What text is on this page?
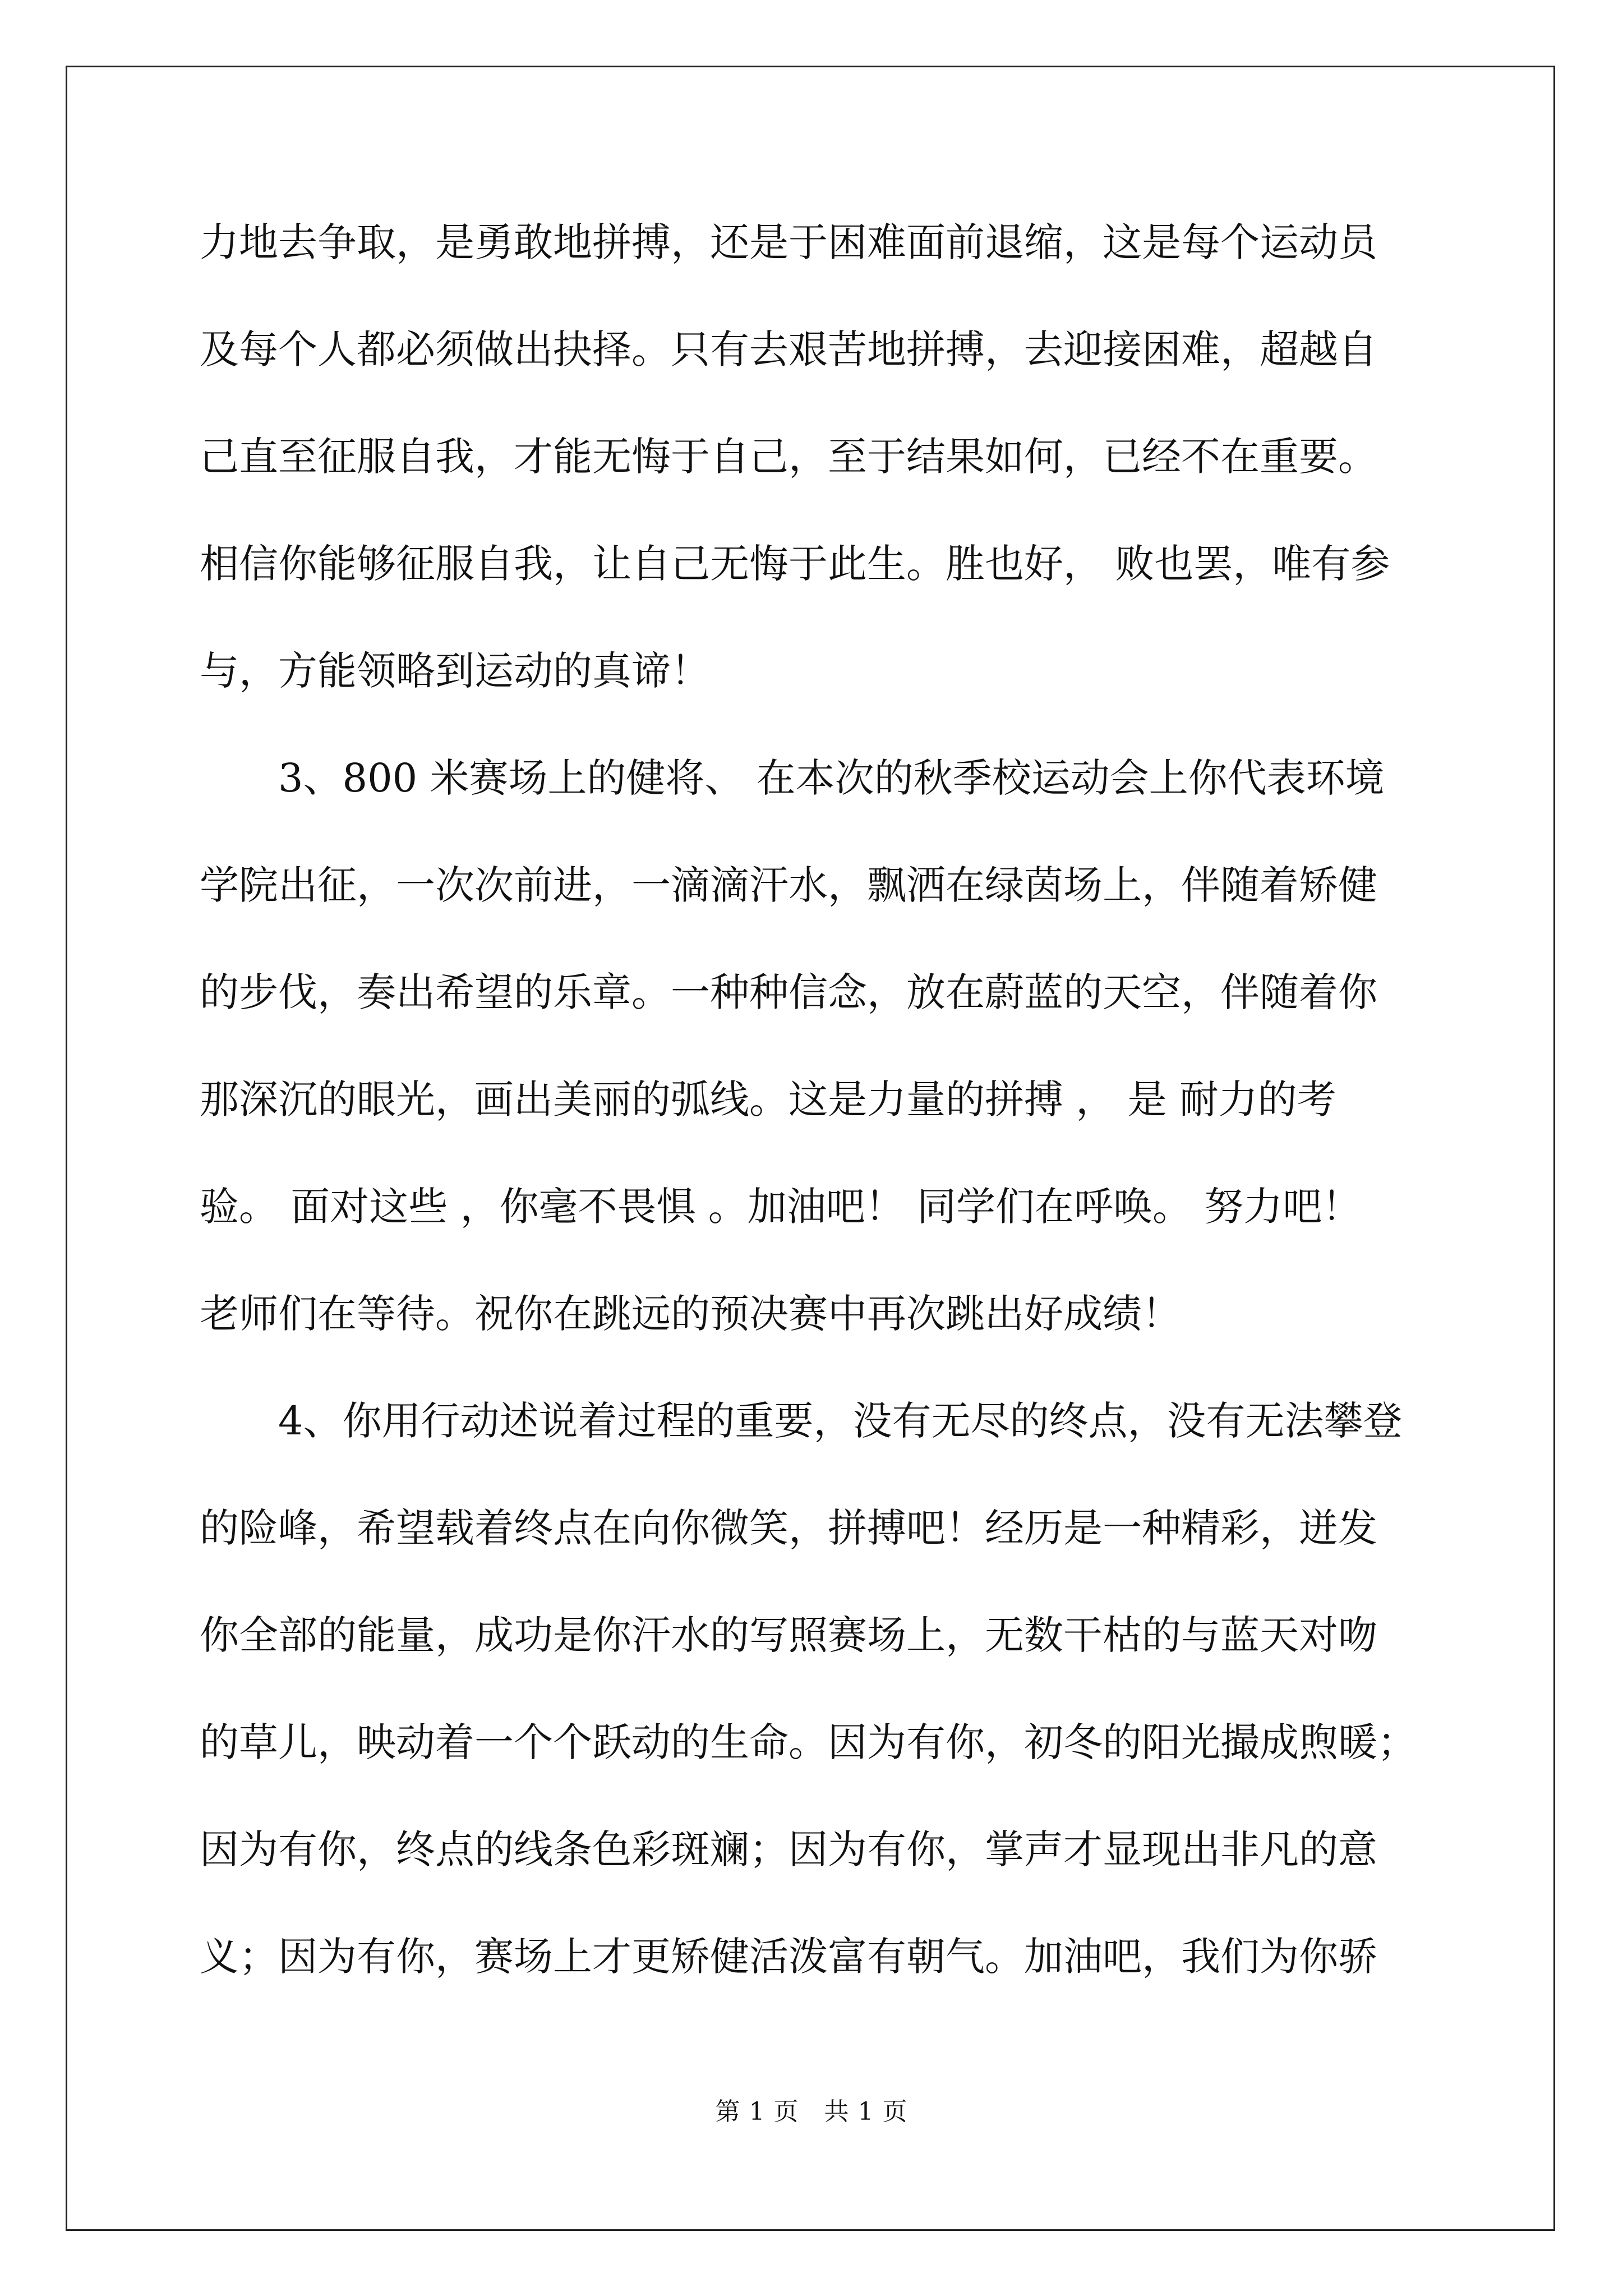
力地去争取，是勇敢地拼搏，还是于困难面前退缩，这是每个运动员
及每个人都必须做出抉择。只有去艰苦地拼搏，去迎接困难，超越自
己直至征服自我，才能无悔于自己，至于结果如何，已经不在重要。
相信你能够征服自我，让自己无悔于此生。胜也好， 败也罢，唯有参
与，方能领略到运动的真谛！
　　3、800 米赛场上的健将、 在本次的秋季校运动会上你代表环境
学院出征，一次次前进，一滴滴汗水，飘洒在绿茵场上，伴随着矫健
的步伐，奏出希望的乐章。一种种信念，放在蔚蓝的天空，伴随着你
那深沉的眼光，画出美丽的弧线。这是力量的拼搏 ， 是 耐力的考
验。 面对这些 ，你毫不畏惧 。加油吧！ 同学们在呼唤。 努力吧！
老师们在等待。祝你在跳远的预决赛中再次跳出好成绩！
　　4、你用行动述说着过程的重要，没有无尽的终点，没有无法攀登
的险峰，希望载着终点在向你微笑，拼搏吧！经历是一种精彩，迸发
你全部的能量，成功是你汗水的写照赛场上，无数干枯的与蓝天对吻
的草儿，映动着一个个跃动的生命。因为有你，初冬的阳光撮成煦暖；
因为有你，终点的线条色彩斑斓；因为有你，掌声才显现出非凡的意
义；因为有你，赛场上才更矫健活泼富有朝气。加油吧，我们为你骄
第 1 页　共 1 页
